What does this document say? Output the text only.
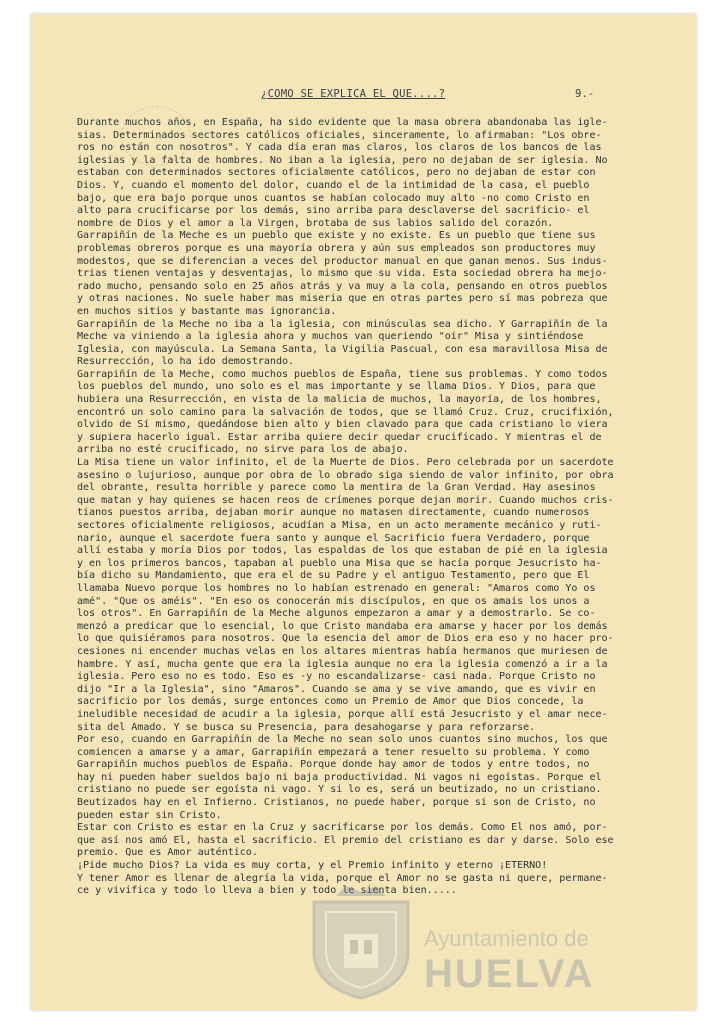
¿COMO SE EXPLICA EL QUE....?	9.-
Durante muchos años, en España, ha sido evidente que la masa obrera abandonaba las igle-
sias. Determinados sectores católicos oficiales, sinceramente, lo afirmaban: "Los obre-
ros no están con nosotros". Y cada día eran mas claros, los claros de los bancos de las
iglesias y la falta de hombres. No iban a la iglesia, pero no dejaban de ser iglesia. No
estaban con determinados sectores oficialmente católicos, pero no dejaban de estar con
Dios. Y, cuando el momento del dolor, cuando el de la intimidad de la casa, el pueblo
bajo, que era bajo porque unos cuantos se habían colocado muy alto -no como Cristo en
alto para crucificarse por los demás, sino arriba para desclaverse del sacrificio- el
nombre de Dios y el amor a la Virgen, brotaba de sus labios salido del corazón.
Garrapiñín de la Meche es un pueblo que existe y no existe. Es un pueblo que tiene sus
problemas obreros porque es una mayoría obrera y aún sus empleados son productores muy
modestos, que se diferencian a veces del productor manual en que ganan menos. Sus indus-
trias tienen ventajas y desventajas, lo mismo que su vida. Esta sociedad obrera ha mejo-
rado mucho, pensando solo en 25 años atrás y va muy a la cola, pensando en otros pueblos
y otras naciones. No suele haber mas miseria que en otras partes pero sí mas pobreza que
en muchos sitios y bastante mas ignorancia.
Garrapiñín de la Meche no iba a la iglesia, con minúsculas sea dicho. Y Garrapiñín de la
Meche va viniendo a la iglesia ahora y muchos van queriendo "oir" Misa y sintiéndose
Iglesia, con mayúscula. La Semana Santa, la Vigilia Pascual, con esa maravillosa Misa de
Resurrección, lo ha ido demostrando.
Garrapiñín de la Meche, como muchos pueblos de España, tiene sus problemas. Y como todos
los pueblos del mundo, uno solo es el mas importante y se llama Dios. Y Dios, para que
hubiera una Resurrección, en vista de la malicia de muchos, la mayoría, de los hombres,
encontró un solo camino para la salvación de todos, que se llamó Cruz. Cruz, crucifixión,
olvido de Sí mismo, quedándose bien alto y bien clavado para que cada cristiano lo viera
y supiera hacerlo igual. Estar arriba quiere decir quedar crucificado. Y mientras el de
arriba no esté crucificado, no sirve para los de abajo.
La Misa tiene un valor infinito, el de la Muerte de Dios. Pero celebrada por un sacerdote
asesino o lujurioso, aunque por obra de lo obrado siga siendo de valor infinito, por obra
del obrante, resulta horrible y parece como la mentira de la Gran Verdad. Hay asesinos
que matan y hay quienes se hacen reos de crímenes porque dejan morir. Cuando muchos cris-
tianos puestos arriba, dejaban morir aunque no matasen directamente, cuando numerosos
sectores oficialmente religiosos, acudían a Misa, en un acto meramente mecánico y ruti-
nario, aunque el sacerdote fuera santo y aunque el Sacrificio fuera Verdadero, porque
allí estaba y moría Dios por todos, las espaldas de los que estaban de pié en la iglesia
y en los primeros bancos, tapaban al pueblo una Misa que se hacía porque Jesucristo ha-
bía dicho su Mandamiento, que era el de su Padre y el antiguo Testamento, pero que El
llamaba Nuevo porque los hombres no lo habían estrenado en general: "Amaros como Yo os
amé". "Que os améis". "En eso os conocerán mis discípulos, en que os amais los unos a
los otros". En Garrapiñín de la Meche algunos empezaron a amar y a demostrarlo. Se co-
menzó a predicar que lo esencial, lo que Cristo mandaba era amarse y hacer por los demás
lo que quisiéramos para nosotros. Que la esencia del amor de Dios era eso y no hacer pro-
cesiones ni encender muchas velas en los altares mientras había hermanos que muriesen de
hambre. Y así, mucha gente que era la iglesia aunque no era la iglesia comenzó a ir a la
iglesia. Pero eso no es todo. Eso es -y no escandalizarse- casi nada. Porque Cristo no
dijo "Ir a la Iglesia", sino "Amaros". Cuando se ama y se vive amando, que es vivir en
sacrificio por los demás, surge entonces como un Premio de Amor que Dios concede, la
ineludible necesidad de acudir a la iglesia, porque allí está Jesucristo y el amar nece-
sita del Amado. Y se busca su Presencia, para desahogarse y para reforzarse.
Por eso, cuando en Garrapiñín de la Meche no sean solo unos cuantos sino muchos, los que
comiencen a amarse y a amar, Garrapiñín empezará a tener resuelto su problema. Y como
Garrapiñín muchos pueblos de España. Porque donde hay amor de todos y entre todos, no
hay ni pueden haber sueldos bajo ni baja productividad. Ni vagos ni egoístas. Porque el
cristiano no puede ser egoísta ni vago. Y si lo es, será un beutizado, no un cristiano.
Beutizados hay en el Infierno. Cristianos, no puede haber, porque si son de Cristo, no
pueden estar sin Cristo.
Estar con Cristo es estar en la Cruz y sacrificarse por los demás. Como El nos amó, por-
que así nos amó El, hasta el sacrificio. El premio del cristiano es dar y darse. Solo ese
premio. Que es Amor auténtico.
¡Pide mucho Dios? La vida es muy corta, y el Premio infinito y eterno ¡ETERNO!
Y tener Amor es llenar de alegría la vida, porque el Amor no se gasta ni quere, permane-
ce y vivifica y todo lo lleva a bien y todo le sienta bien.....
Ayuntamiento de
HUELVA
